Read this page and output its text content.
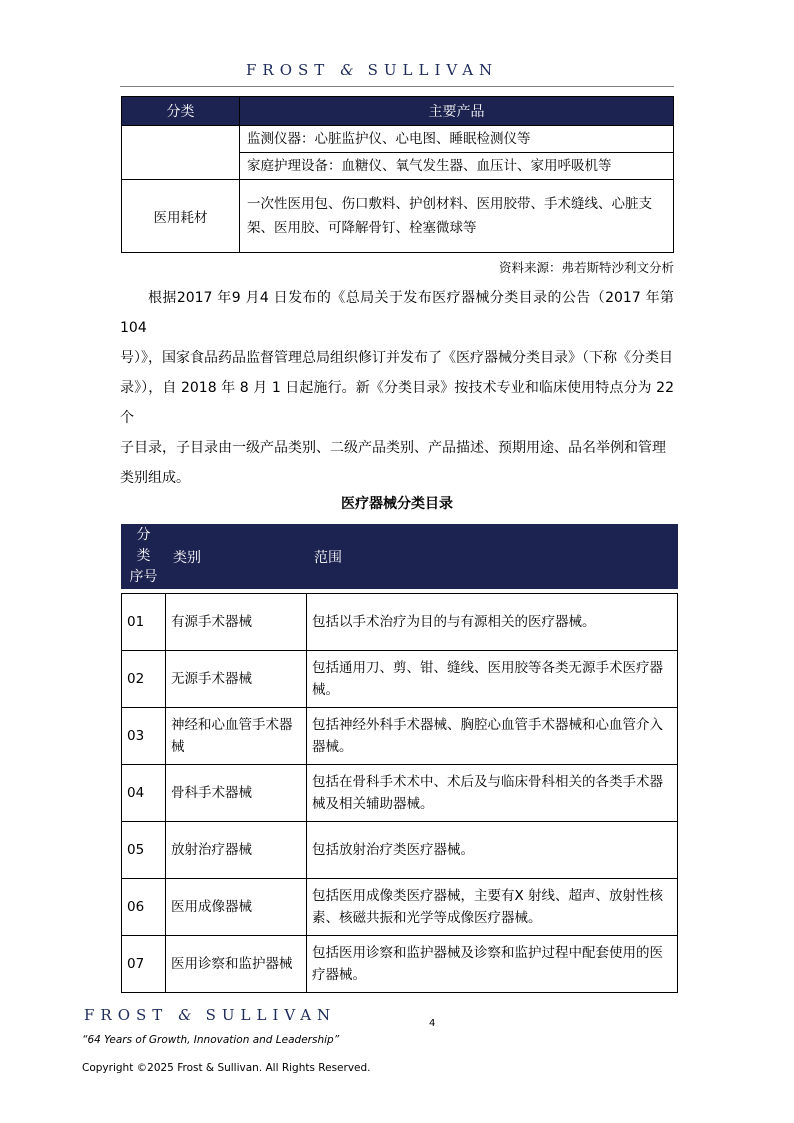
FROST & SULLIVAN
分类	主要产品
	监测仪器：心脏监护仪、心电图、睡眠检测仪等
	家庭护理设备：血糖仪、氧气发生器、血压计、家用呼吸机等
医用耗材	一次性医用包、伤口敷料、护创材料、医用胶带、手术缝线、心脏支
架、医用胶、可降解骨钉、栓塞微球等
资料来源：弗若斯特沙利文分析

根据2017 年9 月4 日发布的《总局关于发布医疗器械分类目录的公告（2017 年第 104
号）》，国家食品药品监督管理总局组织修订并发布了《医疗器械分类目录》（下称《分类目
录》），自 2018 年 8 月 1 日起施行。新《分类目录》按技术专业和临床使用特点分为 22 个
子目录，子目录由一级产品类别、二级产品类别、产品描述、预期用途、品名举例和管理
类别组成。

医疗器械分类目录
分 类
序号	类别	范围

01	有源手术器械	包括以手术治疗为目的与有源相关的医疗器械。
02	无源手术器械	包括通用刀、剪、钳、缝线、医用胶等各类无源手术医疗器械。
03	神经和心血管手术器械	包括神经外科手术器械、胸腔心血管手术器械和心血管介入器械。
04	骨科手术器械	包括在骨科手术术中、术后及与临床骨科相关的各类手术器械及相关辅助器械。
05	放射治疗器械	包括放射治疗类医疗器械。
06	医用成像器械	包括医用成像类医疗器械，主要有X 射线、超声、放射性核素、核磁共振和光学等成像医疗器械。
07	医用诊察和监护器械	包括医用诊察和监护器械及诊察和监护过程中配套使用的医疗器械。
FROST & SULLIVAN	4
“64 Years of Growth, Innovation and Leadership”
Copyright ©2025 Frost & Sullivan. All Rights Reserved.
